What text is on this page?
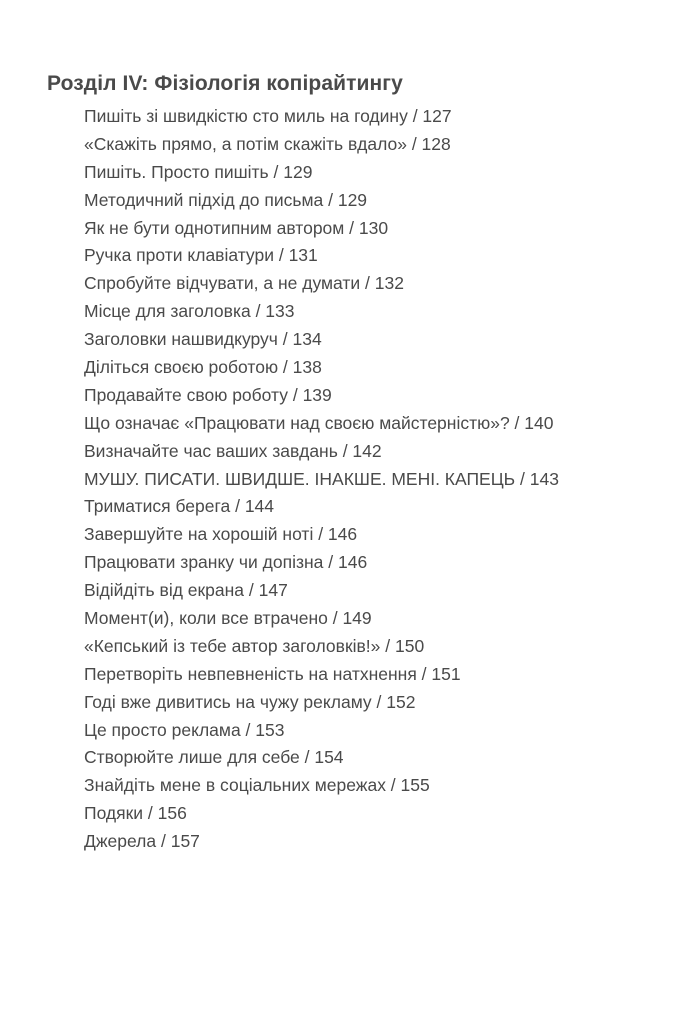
Розділ IV: Фізіологія копірайтингу
Пишіть зі швидкістю сто миль на годину / 127
«Скажіть прямо, а потім скажіть вдало» / 128
Пишіть. Просто пишіть / 129
Методичний підхід до письма / 129
Як не бути однотипним автором / 130
Ручка проти клавіатури / 131
Спробуйте відчувати, а не думати / 132
Місце для заголовка / 133
Заголовки нашвидкуруч / 134
Діліться своєю роботою / 138
Продавайте свою роботу / 139
Що означає «Працювати над своєю майстерністю»? / 140
Визначайте час ваших завдань / 142
МУШУ. ПИСАТИ. ШВИДШЕ. ІНАКШЕ. МЕНІ. КАПЕЦЬ / 143
Триматися берега / 144
Завершуйте на хорошій ноті / 146
Працювати зранку чи допізна / 146
Відійдіть від екрана / 147
Момент(и), коли все втрачено / 149
«Кепський із тебе автор заголовків!» / 150
Перетворіть невпевненість на натхнення / 151
Годі вже дивитись на чужу рекламу / 152
Це просто реклама / 153
Створюйте лише для себе / 154
Знайдіть мене в соціальних мережах / 155
Подяки / 156
Джерела / 157
